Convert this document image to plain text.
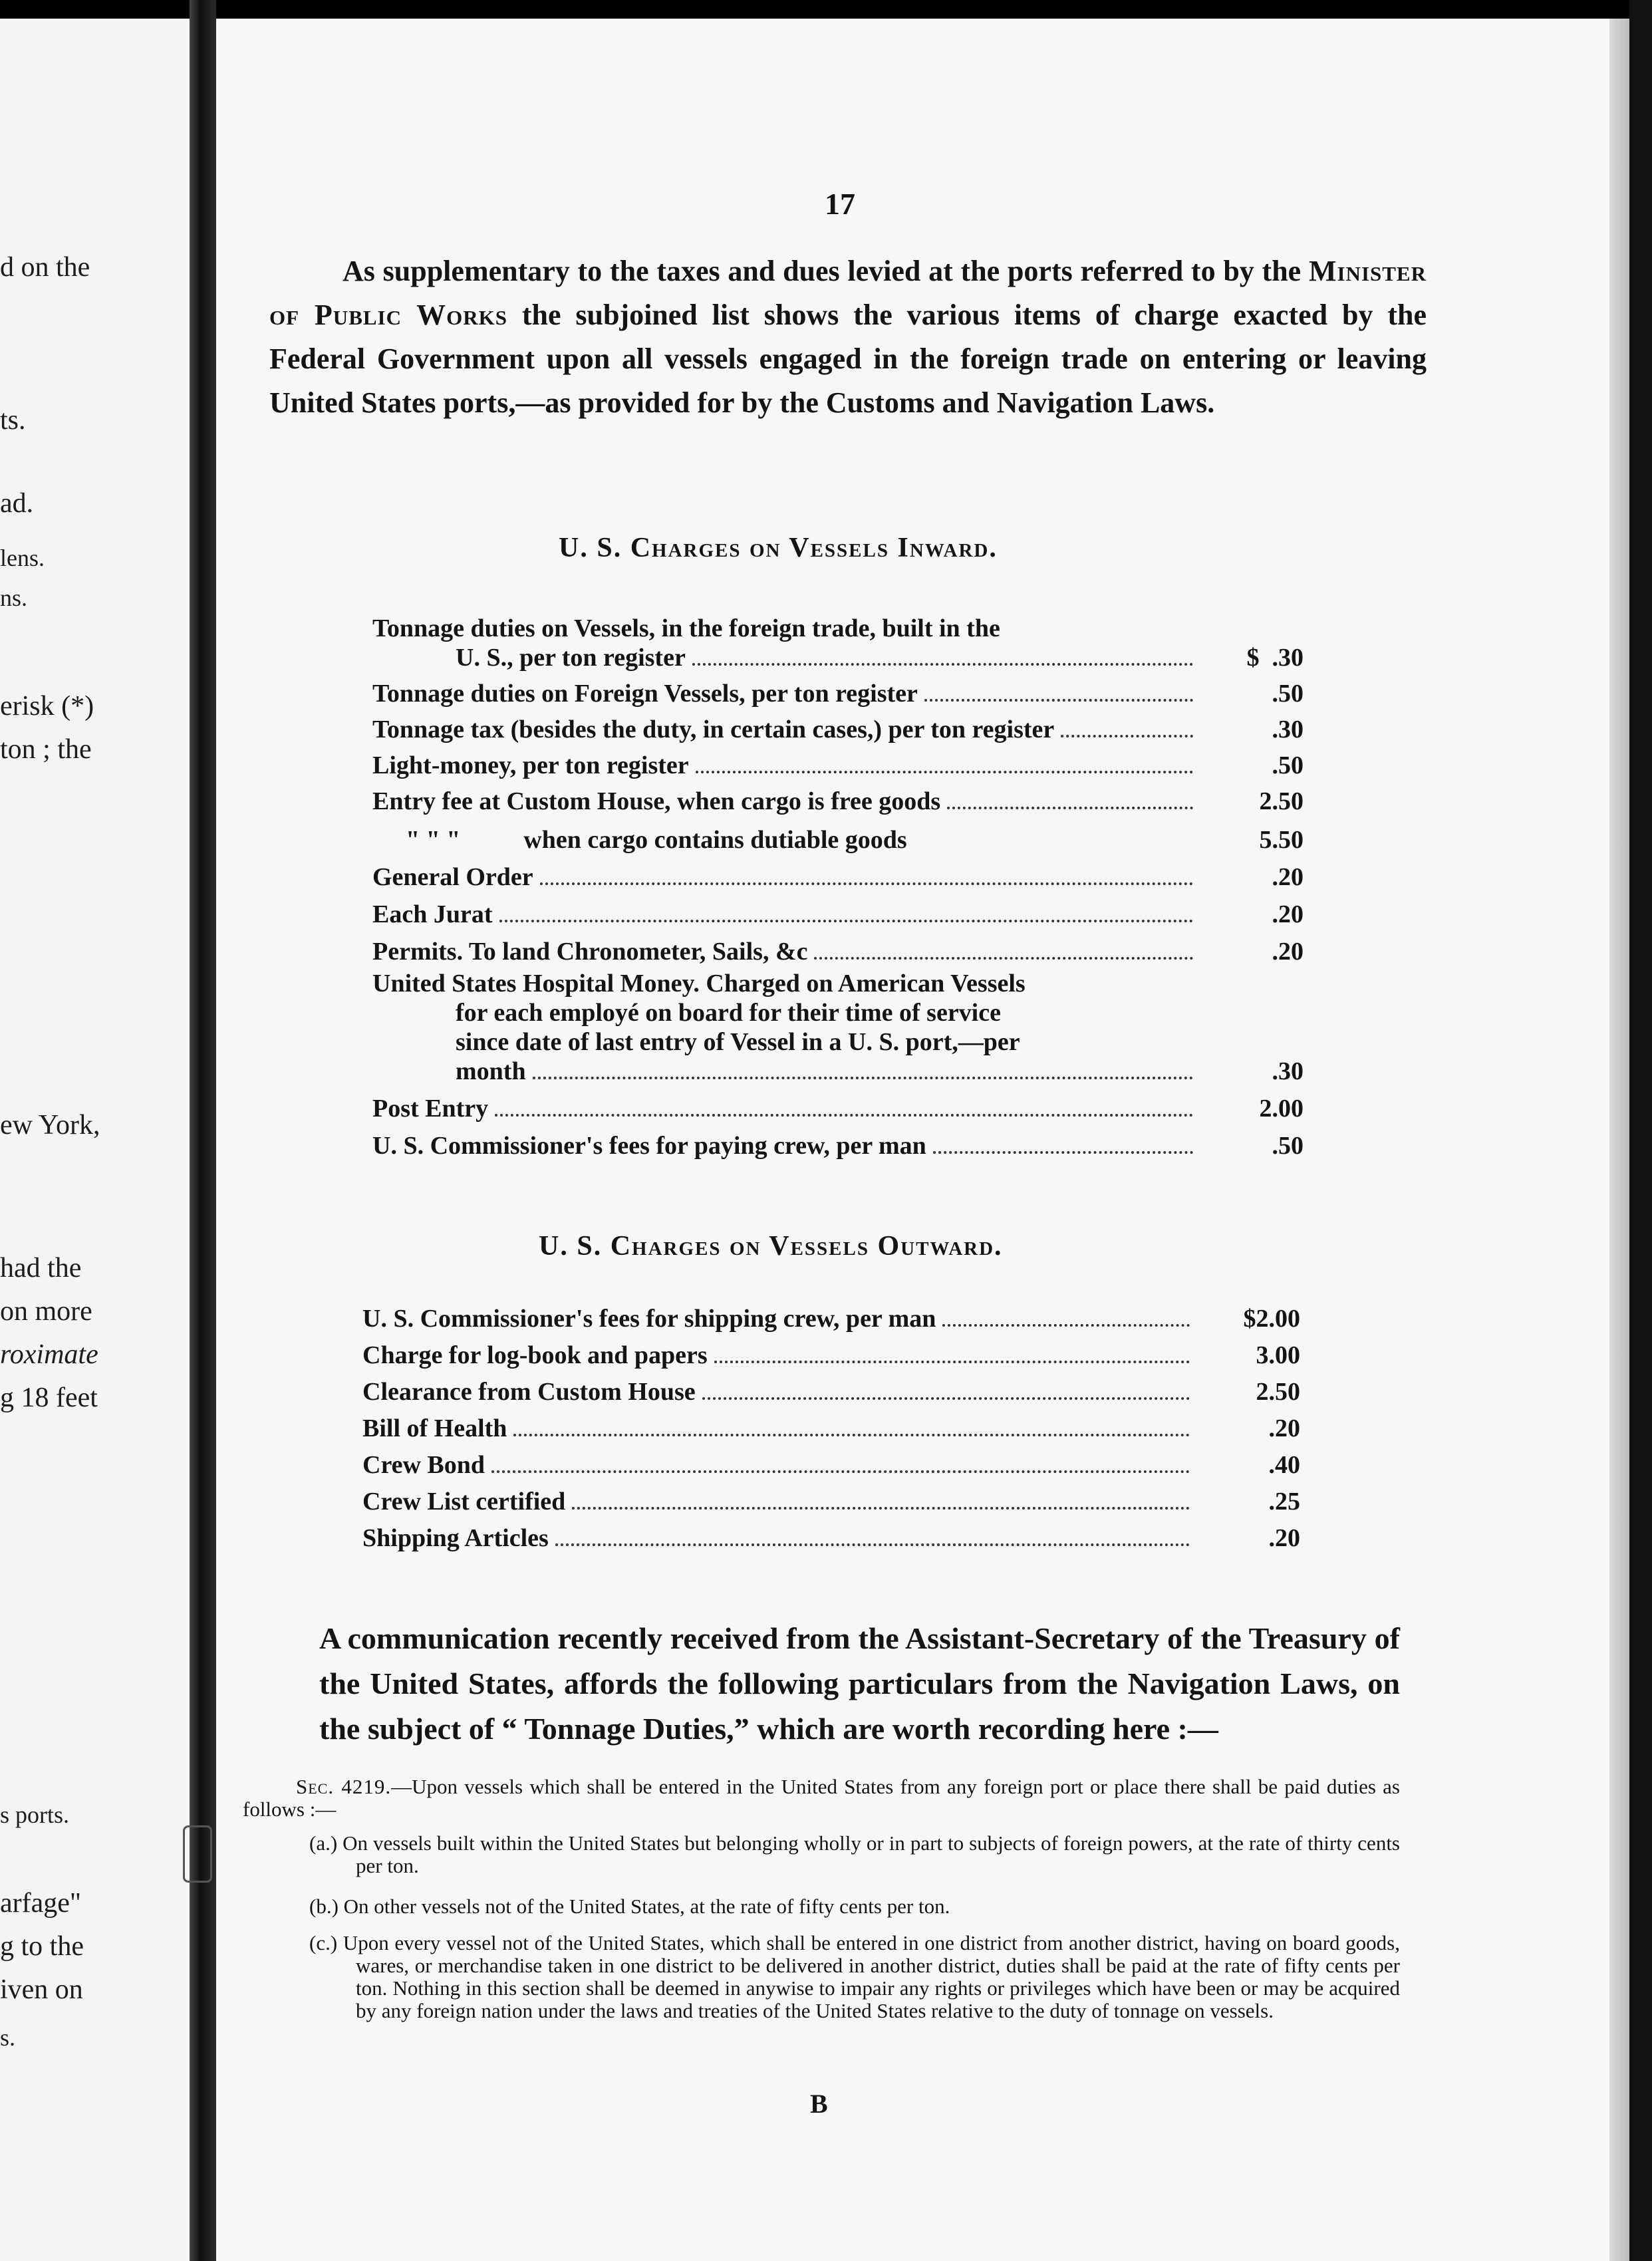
d on the
ts.
ad.
lens.
ns.
erisk (*)
ton ; the
ew York,
had the
on more
roximate
g 18 feet
s ports.
arfage"
g to the
iven on
s.
17
As supplementary to the taxes and dues levied at the ports referred to by the Minister of Public Works the subjoined list shows the various items of charge exacted by the Federal Government upon all vessels engaged in the foreign trade on entering or leaving United States ports,—as provided for by the Customs and Navigation Laws.
U. S. Charges on Vessels Inward.
Tonnage duties on Vessels, in the foreign trade, built in the
U. S., per ton register	$ .30
Tonnage duties on Foreign Vessels, per ton register	.50
Tonnage tax (besides the duty, in certain cases,) per ton register	.30
Light-money, per ton register	.50
Entry fee at Custom House, when cargo is free goods	2.50
" " "	when cargo contains dutiable goods	5.50
General Order	.20
Each Jurat	.20
Permits. To land Chronometer, Sails, &c	.20
United States Hospital Money. Charged on American Vessels
for each employé on board for their time of service
since date of last entry of Vessel in a U. S. port,—per
month	.30
Post Entry	2.00
U. S. Commissioner's fees for paying crew, per man	.50
U. S. Charges on Vessels Outward.
U. S. Commissioner's fees for shipping crew, per man	$2.00
Charge for log-book and papers	3.00
Clearance from Custom House	2.50
Bill of Health	.20
Crew Bond	.40
Crew List certified	.25
Shipping Articles	.20
A communication recently received from the Assistant-Secretary of the Treasury of the United States, affords the following particulars from the Navigation Laws, on the subject of “ Tonnage Duties,” which are worth recording here :—
Sec. 4219.—Upon vessels which shall be entered in the United States from any foreign port or place there shall be paid duties as follows :—
(a.) On vessels built within the United States but belonging wholly or in part to subjects of foreign powers, at the rate of thirty cents per ton.
(b.) On other vessels not of the United States, at the rate of fifty cents per ton.
(c.) Upon every vessel not of the United States, which shall be entered in one district from another district, having on board goods, wares, or merchandise taken in one district to be delivered in another district, duties shall be paid at the rate of fifty cents per ton. Nothing in this section shall be deemed in anywise to impair any rights or privileges which have been or may be acquired by any foreign nation under the laws and treaties of the United States relative to the duty of tonnage on vessels.
B
